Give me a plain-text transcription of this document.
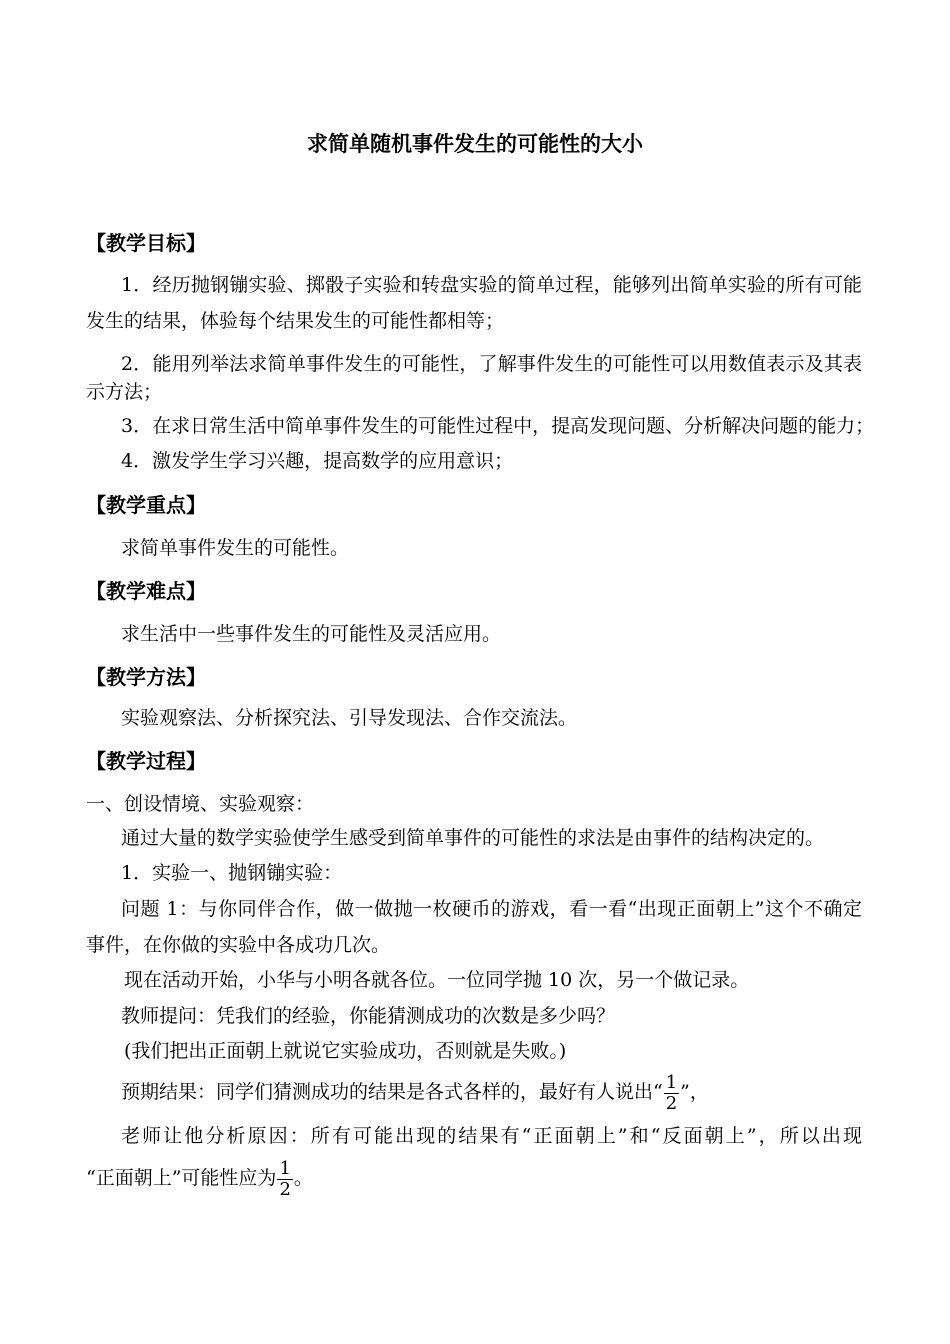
求简单随机事件发生的可能性的大小
【教学目标】
1．经历抛钢镚实验、掷骰子实验和转盘实验的简单过程，能够列出简单实验的所有可能
发生的结果，体验每个结果发生的可能性都相等；
2．能用列举法求简单事件发生的可能性，了解事件发生的可能性可以用数值表示及其表
示方法；
3．在求日常生活中简单事件发生的可能性过程中，提高发现问题、分析解决问题的能力；
4．激发学生学习兴趣，提高数学的应用意识；
【教学重点】
求简单事件发生的可能性。
【教学难点】
求生活中一些事件发生的可能性及灵活应用。
【教学方法】
实验观察法、分析探究法、引导发现法、合作交流法。
【教学过程】
一、创设情境、实验观察：
通过大量的数学实验使学生感受到简单事件的可能性的求法是由事件的结构决定的。
1．实验一、抛钢镚实验：
问题 1：与你同伴合作，做一做抛一枚硬币的游戏，看一看“出现正面朝上”这个不确定
事件，在你做的实验中各成功几次。
现在活动开始，小华与小明各就各位。一位同学抛 10 次，另一个做记录。
教师提问：凭我们的经验，你能猜测成功的次数是多少吗？
(我们把出正面朝上就说它实验成功，否则就是失败。)
预期结果：同学们猜测成功的结果是各式各样的，最好有人说出“ $\frac{1}{2}$ ”，
老师让他分析原因：所有可能出现的结果有“正面朝上”和“反面朝上”，所以出现
“正面朝上”可能性应为 $\frac{1}{2}$ 。
